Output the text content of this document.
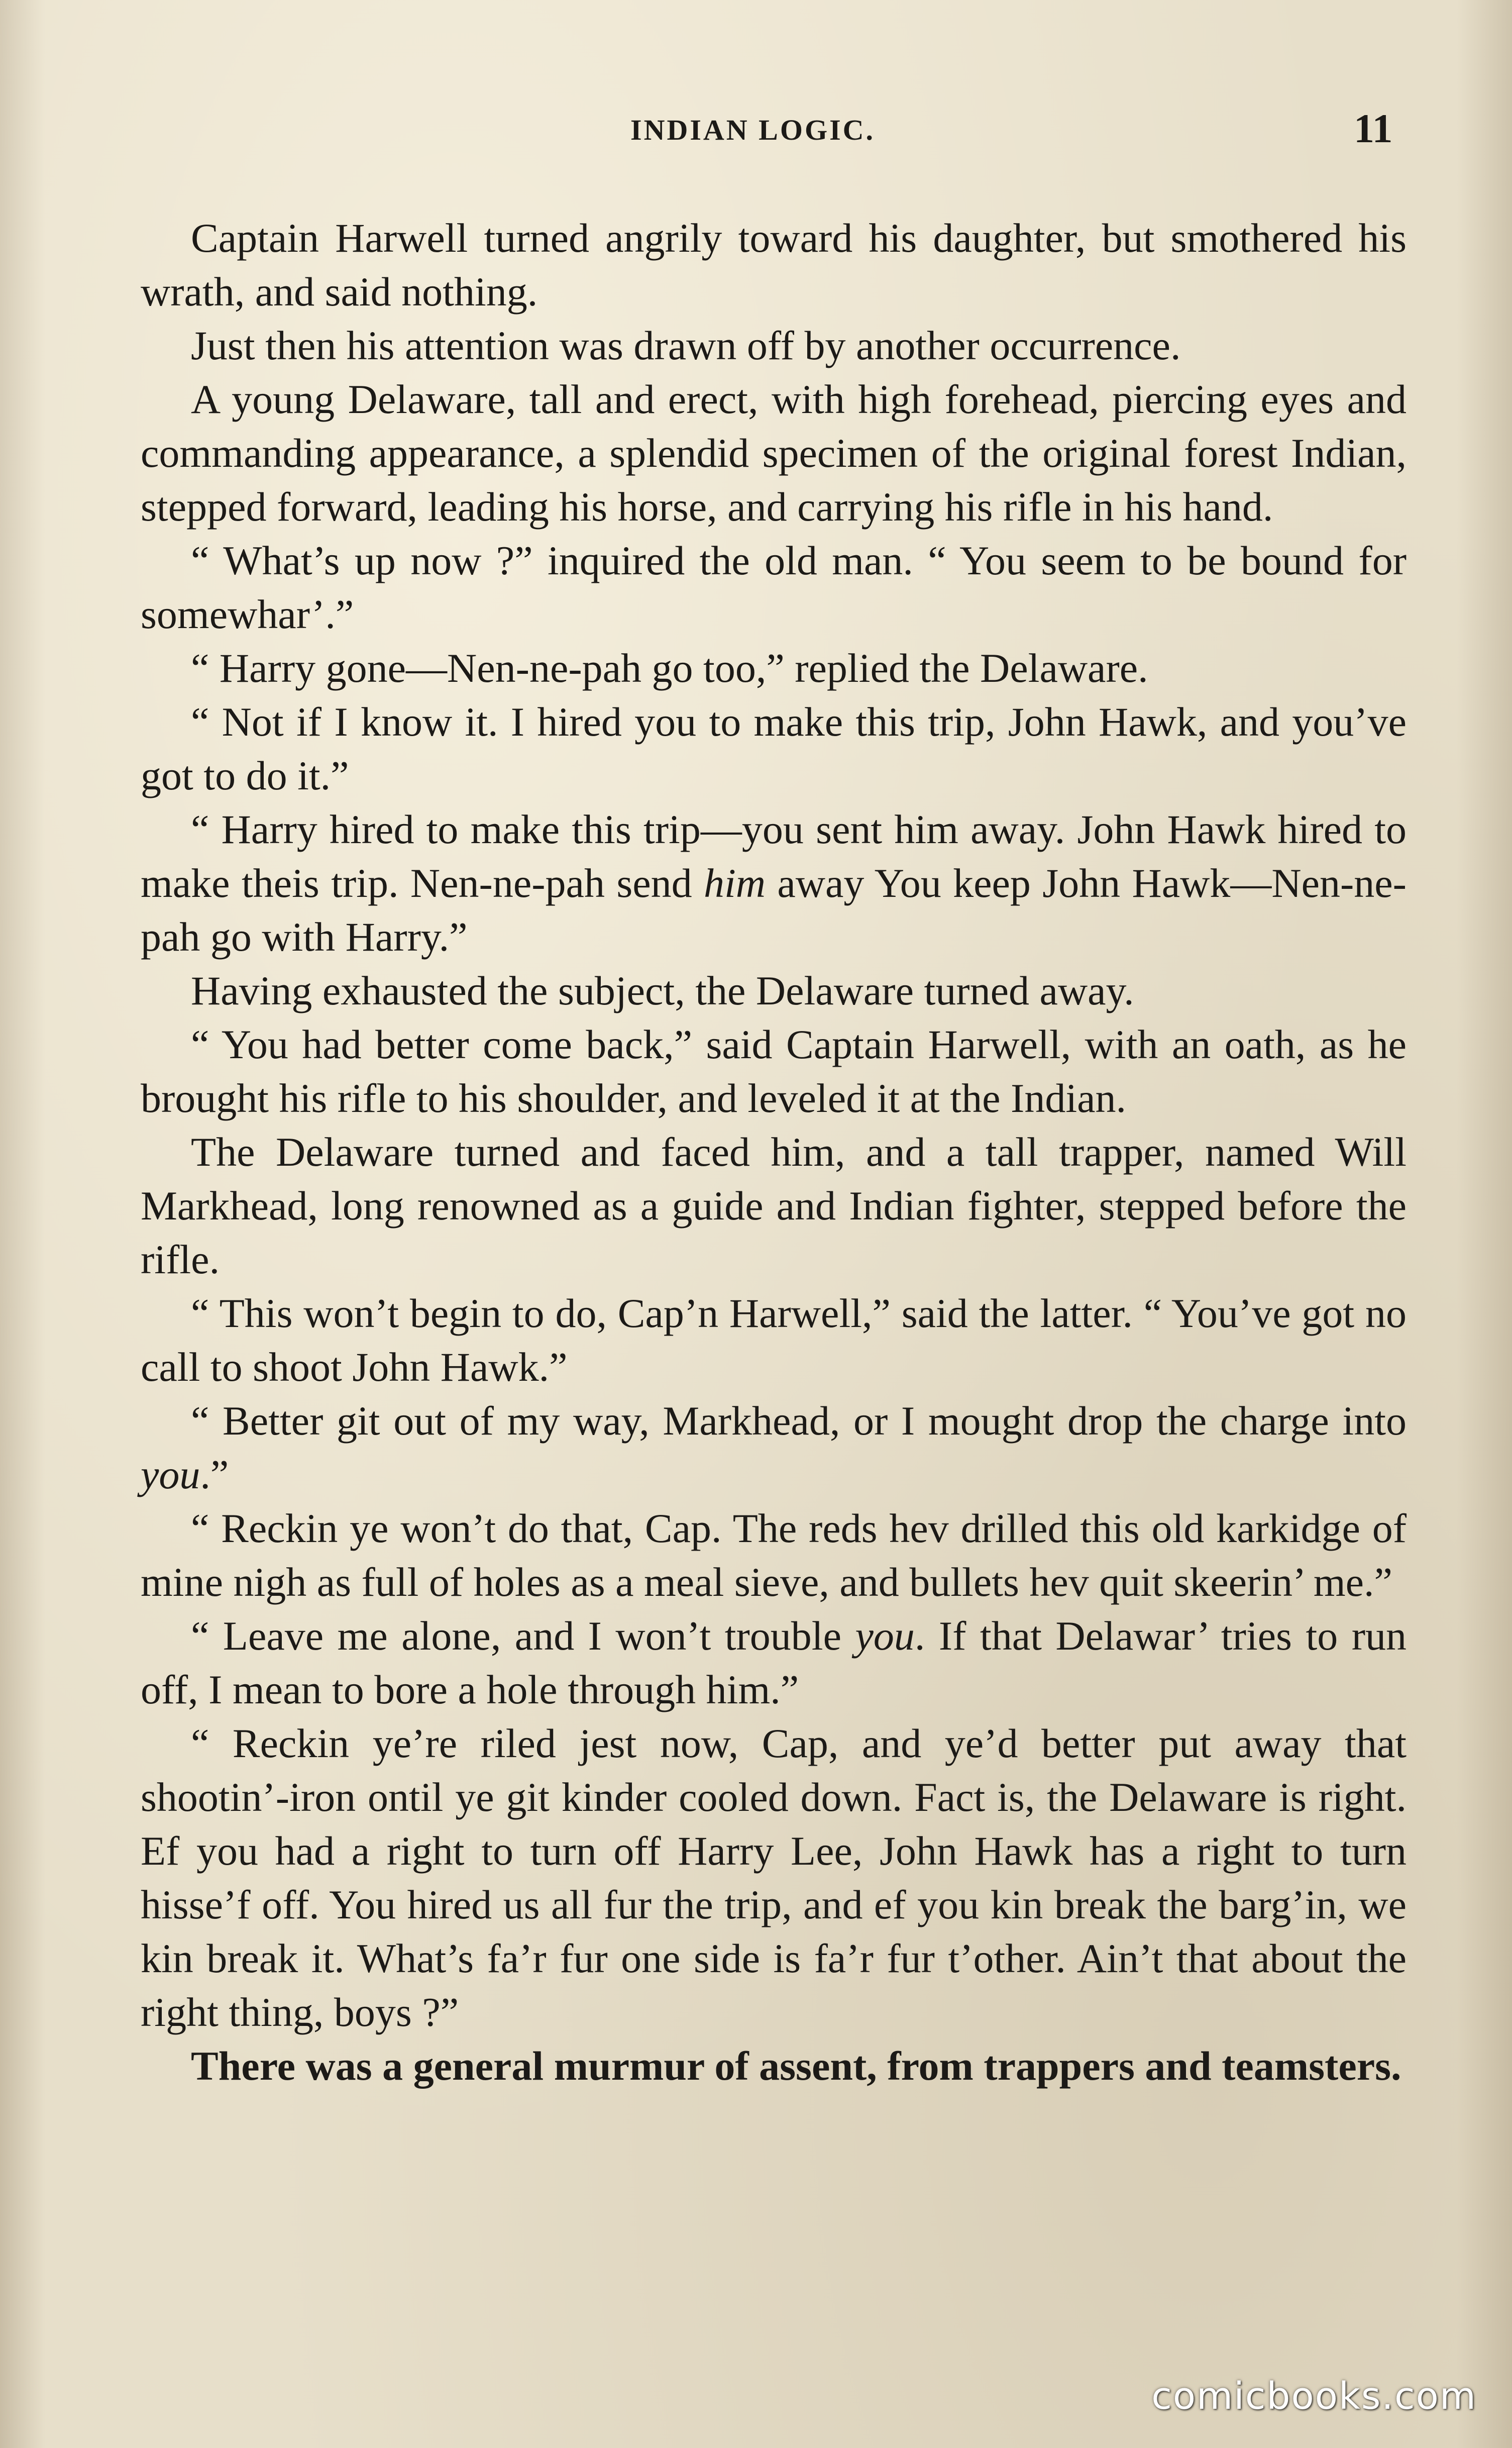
INDIAN LOGIC.	11

Captain Harwell turned angrily toward his daughter, but smothered his wrath, and said nothing.

Just then his attention was drawn off by another occurrence.

A young Delaware, tall and erect, with high forehead, piercing eyes and commanding appearance, a splendid specimen of the original forest Indian, stepped forward, leading his horse, and carrying his rifle in his hand.

“ What’s up now ?” inquired the old man. “ You seem to be bound for somewhar’.”

“ Harry gone—Nen-ne-pah go too,” replied the Delaware.

“ Not if I know it. I hired you to make this trip, John Hawk, and you’ve got to do it.”

“ Harry hired to make this trip—you sent him away. John Hawk hired to make theis trip. Nen-ne-pah send him away You keep John Hawk—Nen-ne-pah go with Harry.”

Having exhausted the subject, the Delaware turned away.

“ You had better come back,” said Captain Harwell, with an oath, as he brought his rifle to his shoulder, and leveled it at the Indian.

The Delaware turned and faced him, and a tall trapper, named Will Markhead, long renowned as a guide and Indian fighter, stepped before the rifle.

“ This won’t begin to do, Cap’n Harwell,” said the latter. “ You’ve got no call to shoot John Hawk.”

“ Better git out of my way, Markhead, or I mought drop the charge into you.”

“ Reckin ye won’t do that, Cap. The reds hev drilled this old karkidge of mine nigh as full of holes as a meal sieve, and bullets hev quit skeerin’ me.”

“ Leave me alone, and I won’t trouble you. If that Delawar’ tries to run off, I mean to bore a hole through him.”

“ Reckin ye’re riled jest now, Cap, and ye’d better put away that shootin’-iron ontil ye git kinder cooled down. Fact is, the Delaware is right. Ef you had a right to turn off Harry Lee, John Hawk has a right to turn hisse’f off. You hired us all fur the trip, and ef you kin break the barg’in, we kin break it. What’s fa’r fur one side is fa’r fur t’other. Ain’t that about the right thing, boys ?”

There was a general murmur of assent, from trappers and teamsters.

comicbooks.com
